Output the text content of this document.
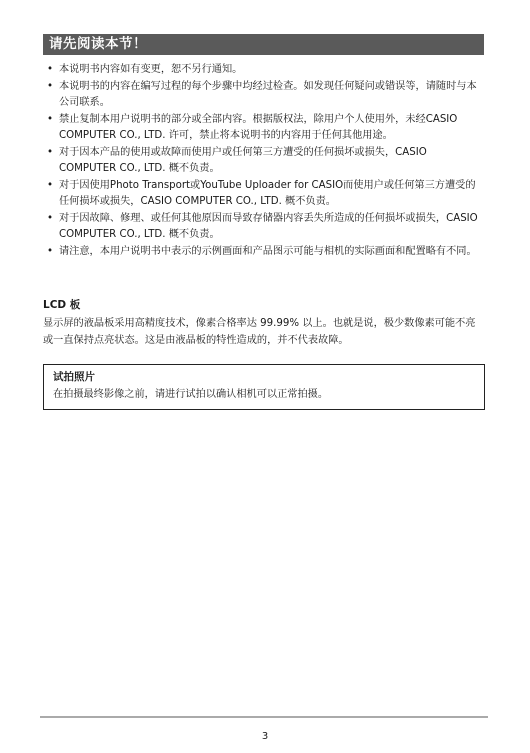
请先阅读本节！
• 本说明书内容如有变更，恕不另行通知。
• 本说明书的内容在编写过程的每个步骤中均经过检查。如发现任何疑问或错误等，请随时与本公司联系。
• 禁止复制本用户说明书的部分或全部内容。根据版权法，除用户个人使用外，未经CASIO COMPUTER CO., LTD. 许可，禁止将本说明书的内容用于任何其他用途。
• 对于因本产品的使用或故障而使用户或任何第三方遭受的任何损坏或损失，CASIO COMPUTER CO., LTD. 概不负责。
• 对于因使用Photo Transport或YouTube Uploader for CASIO而使用户或任何第三方遭受的任何损坏或损失，CASIO COMPUTER CO., LTD. 概不负责。
• 对于因故障、修理、或任何其他原因而导致存储器内容丢失所造成的任何损坏或损失，CASIO COMPUTER CO., LTD. 概不负责。
• 请注意，本用户说明书中表示的示例画面和产品图示可能与相机的实际画面和配置略有不同。
LCD 板

显示屏的液晶板采用高精度技术，像素合格率达 99.99% 以上。也就是说，极少数像素可能不亮或一直保持点亮状态。这是由液晶板的特性造成的，并不代表故障。

试拍照片
在拍摄最终影像之前，请进行试拍以确认相机可以正常拍摄。
3
